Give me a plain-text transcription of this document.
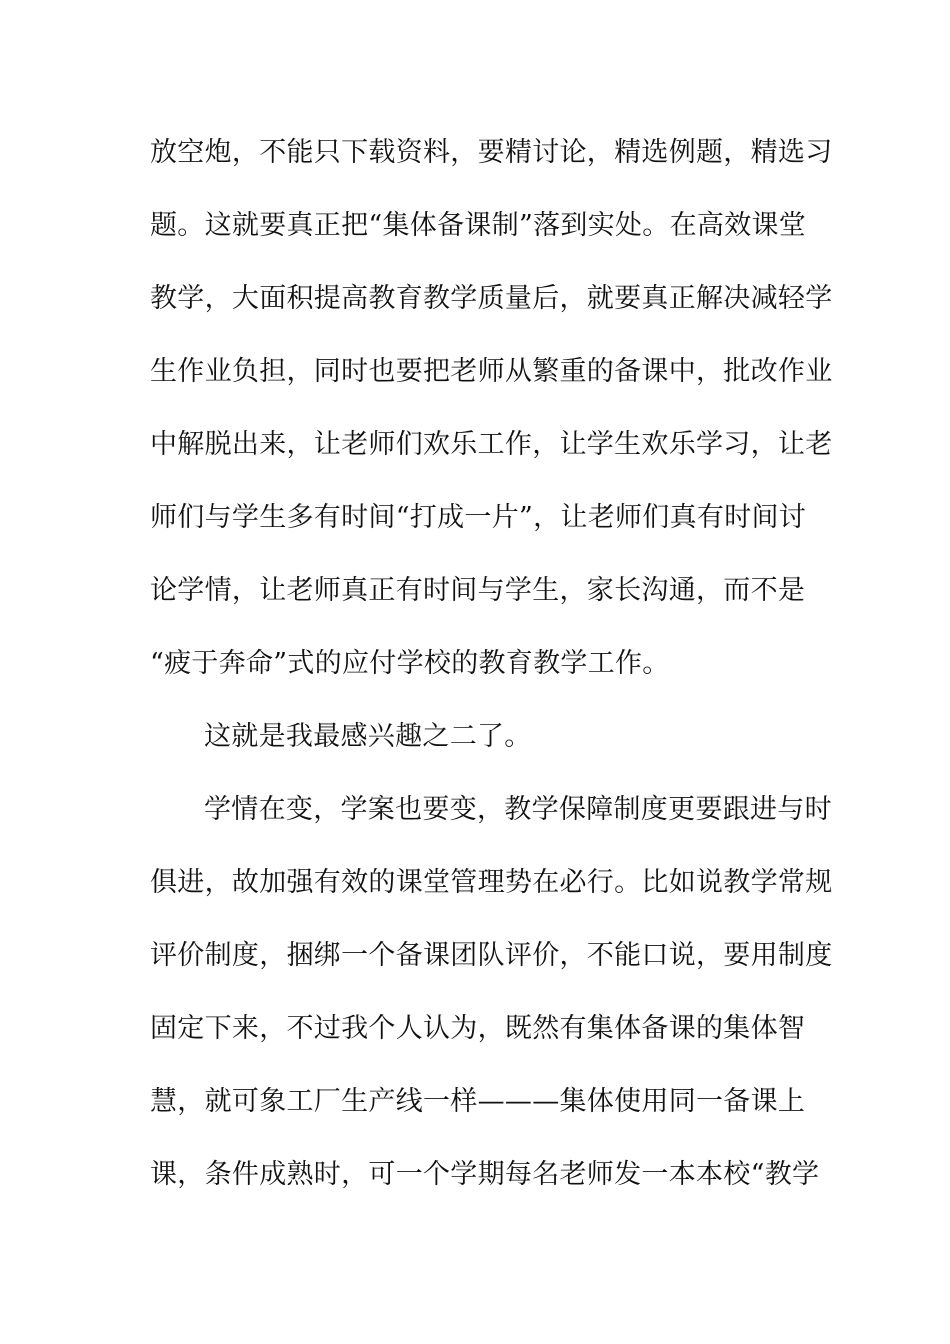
放空炮，不能只下载资料，要精讨论，精选例题，精选习
题。这就要真正把“集体备课制”落到实处。在高效课堂
教学，大面积提高教育教学质量后，就要真正解决减轻学
生作业负担，同时也要把老师从繁重的备课中，批改作业
中解脱出来，让老师们欢乐工作，让学生欢乐学习，让老
师们与学生多有时间“打成一片”，让老师们真有时间讨
论学情，让老师真正有时间与学生，家长沟通，而不是
“疲于奔命”式的应付学校的教育教学工作。
这就是我最感兴趣之二了。
学情在变，学案也要变，教学保障制度更要跟进与时
俱进，故加强有效的课堂管理势在必行。比如说教学常规
评价制度，捆绑一个备课团队评价，不能口说，要用制度
固定下来，不过我个人认为，既然有集体备课的集体智
慧，就可象工厂生产线一样———集体使用同一备课上
课，条件成熟时，可一个学期每名老师发一本本校“教学
